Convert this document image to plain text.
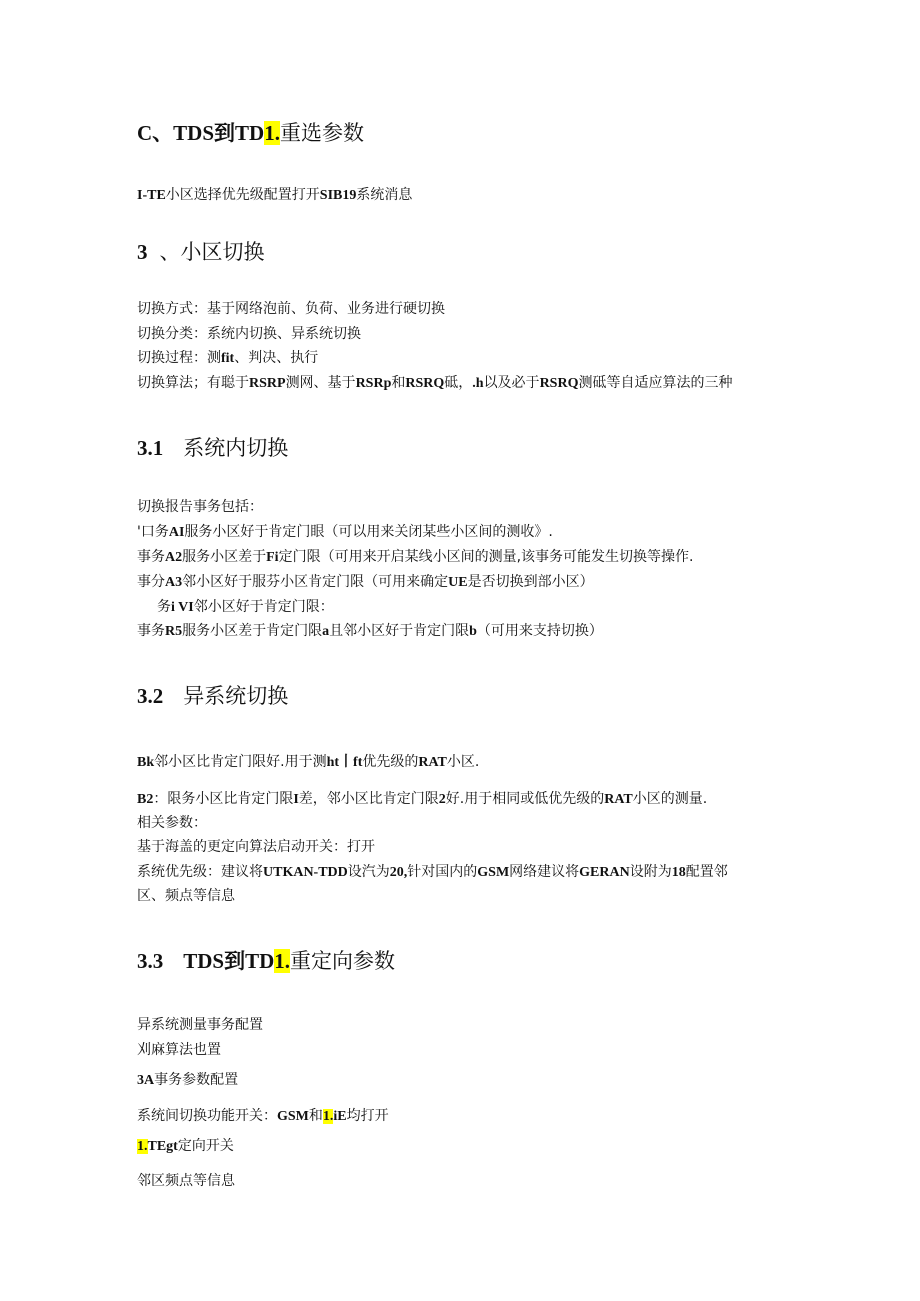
C、TDS到TD1.重选参数
I-TE小区选择优先级配置打开SIB19系统消息
3 、小区切换
切换方式：基于网络泡前、负荷、业务进行硬切换
切换分类：系统内切换、异系统切换
切换过程：测fit、判决、执行
切换算法；有聪于RSRP测网、基于RSRp和RSRQ砥，.h以及必于RSRQ测砥等自适应算法的三种
3.1 系统内切换
切换报告事务包括：
'口务AI服务小区好于肯定门眼（可以用来关闭某些小区间的测收》.
事务A2服务小区差于Fi定门限（可用来开启某线小区间的测量,该事务可能发生切换等操作.
事分A3邻小区好于服芬小区肯定门限（可用来确定UE是否切换到部小区）
务i VI邻小区好于肯定门限：
事务R5服务小区差于肯定门限a且邻小区好于肯定门限b（可用来支持切换）
3.2 异系统切换
Bk邻小区比肯定门限好.用于测ht丨ft优先级的RAT小区.
B2：限务小区比肯定门限I差，邻小区比肯定门限2好.用于相同或低优先级的RAT小区的测量.
相关参数：
基于海盖的更定向算法启动开关：打开
系统优先级：建议将UTKAN-TDD设汽为20,针对国内的GSM网络建议将GERAN设附为18配置邻
区、频点等信息
3.3 TDS到TD1.重定向参数
异系统测量事务配置
刈麻算法也置
3A事务参数配置
系统间切换功能开关：GSM和1.iE均打开
1.TEgt定向开关
邻区频点等信息
